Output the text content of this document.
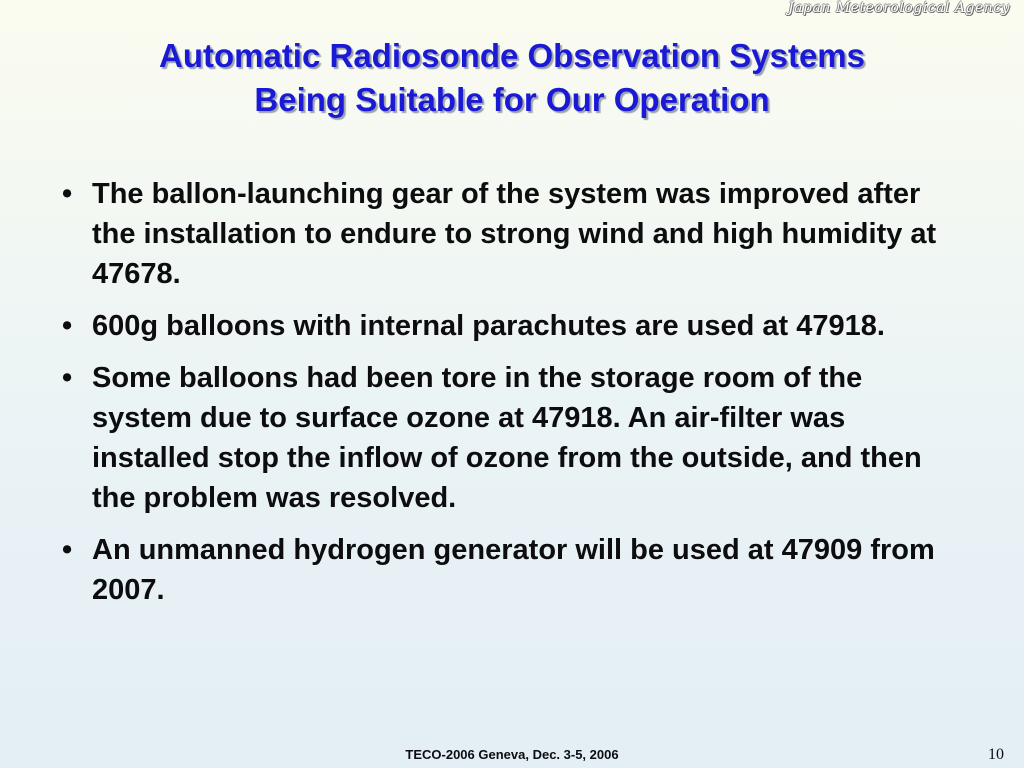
Japan Meteorological Agency
Automatic Radiosonde Observation Systems
Being Suitable for Our Operation
• The ballon-launching gear of the system was improved after the installation to endure to strong wind and high humidity at 47678.
• 600g balloons with internal parachutes are used at 47918.
• Some balloons had been tore in the storage room of the system due to surface ozone at 47918. An air-filter was installed stop the inflow of ozone from the outside, and then the problem was resolved.
• An unmanned hydrogen generator will be used at 47909 from 2007.
TECO-2006 Geneva, Dec. 3-5, 2006	10
